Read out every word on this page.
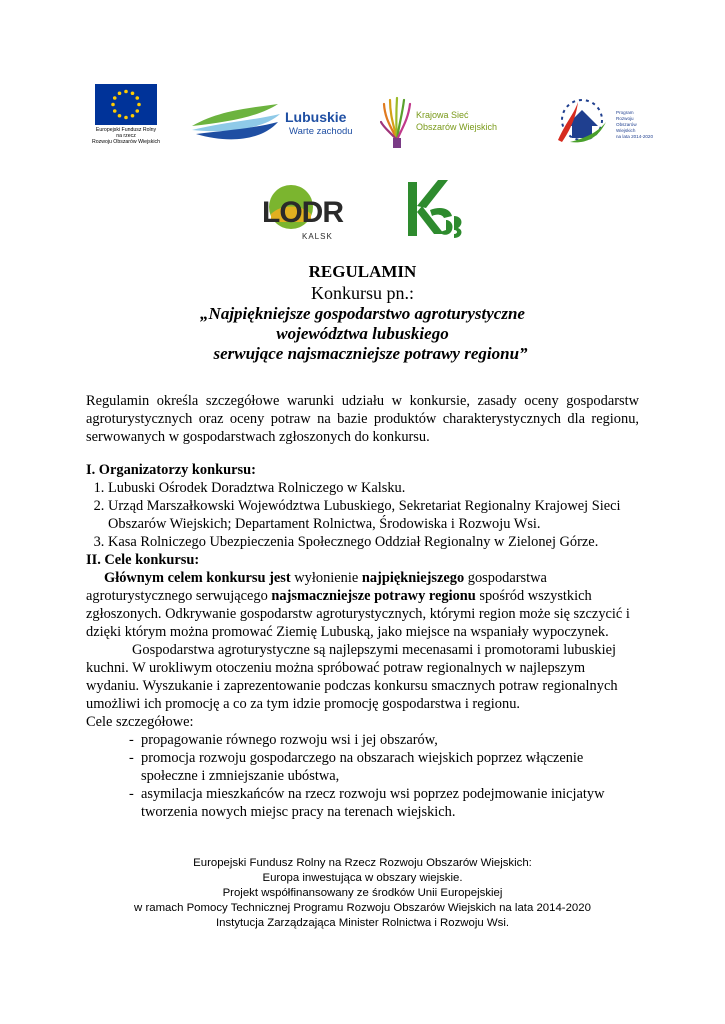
Europejski Fundusz Rolny
na rzecz
Rozwoju Obszarów Wiejskich
Lubuskie
Warte zachodu
Krajowa Sieć
Obszarów Wiejskich
Program
Rozwoju
Obszarów
Wiejskich
na lata 2014-2020
LODR
KALSK
REGULAMIN
Konkursu pn.:
„Najpiękniejsze gospodarstwo agroturystyczne
województwa lubuskiego
serwujące najsmaczniejsze potrawy regionu”
Regulamin określa szczegółowe warunki udziału w konkursie, zasady oceny gospodarstw agroturystycznych oraz oceny potraw na bazie produktów charakterystycznych dla regionu, serwowanych w gospodarstwach zgłoszonych do konkursu.

I. Organizatorzy konkursu:

1. Lubuski Ośrodek Doradztwa Rolniczego w Kalsku.
2. Urząd Marszałkowski Województwa Lubuskiego, Sekretariat Regionalny Krajowej Sieci Obszarów Wiejskich; Departament Rolnictwa, Środowiska i Rozwoju Wsi.
3. Kasa Rolniczego Ubezpieczenia Społecznego Oddział Regionalny w Zielonej Górze.

II. Cele konkursu:

Głównym celem konkursu jest wyłonienie najpiękniejszego gospodarstwa agroturystycznego serwującego najsmaczniejsze potrawy regionu spośród wszystkich zgłoszonych. Odkrywanie gospodarstw agroturystycznych, którymi region może się szczycić i dzięki którym można promować Ziemię Lubuską, jako miejsce na wspaniały wypoczynek.

Gospodarstwa agroturystyczne są najlepszymi mecenasami i promotorami lubuskiej kuchni. W urokliwym otoczeniu można spróbować potraw regionalnych w najlepszym wydaniu. Wyszukanie i zaprezentowanie podczas konkursu smacznych potraw regionalnych umożliwi ich promocję a co za tym idzie promocję gospodarstwa i regionu.

Cele szczegółowe:

- propagowanie równego rozwoju wsi i jej obszarów,
- promocja rozwoju gospodarczego na obszarach wiejskich poprzez włączenie społeczne i zmniejszanie ubóstwa,
- asymilacja mieszkańców na rzecz rozwoju wsi poprzez podejmowanie inicjatyw tworzenia nowych miejsc pracy na terenach wiejskich.
Europejski Fundusz Rolny na Rzecz Rozwoju Obszarów Wiejskich:
Europa inwestująca w obszary wiejskie.
Projekt współfinansowany ze środków Unii Europejskiej
w ramach Pomocy Technicznej Programu Rozwoju Obszarów Wiejskich na lata 2014-2020
Instytucja Zarządzająca Minister Rolnictwa i Rozwoju Wsi.
